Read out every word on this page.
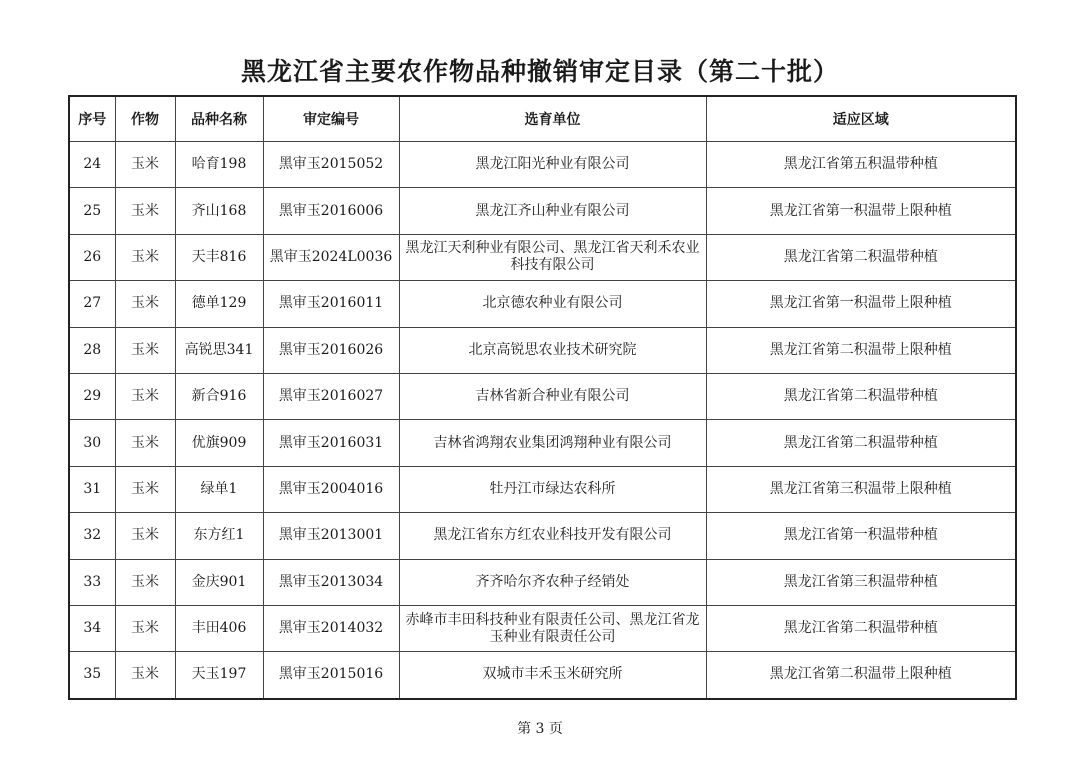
黑龙江省主要农作物品种撤销审定目录（第二十批）
序号	作物	品种名称	审定编号	选育单位	适应区域
24	玉米	哈育198	黑审玉2015052	黑龙江阳光种业有限公司	黑龙江省第五积温带种植
25	玉米	齐山168	黑审玉2016006	黑龙江齐山种业有限公司	黑龙江省第一积温带上限种植
26	玉米	天丰816	黑审玉2024L0036	黑龙江天利种业有限公司、黑龙江省天利禾农业科技有限公司	黑龙江省第二积温带种植
27	玉米	德单129	黑审玉2016011	北京德农种业有限公司	黑龙江省第一积温带上限种植
28	玉米	高锐思341	黑审玉2016026	北京高锐思农业技术研究院	黑龙江省第二积温带上限种植
29	玉米	新合916	黑审玉2016027	吉林省新合种业有限公司	黑龙江省第二积温带种植
30	玉米	优旗909	黑审玉2016031	吉林省鸿翔农业集团鸿翔种业有限公司	黑龙江省第二积温带种植
31	玉米	绿单1	黑审玉2004016	牡丹江市绿达农科所	黑龙江省第三积温带上限种植
32	玉米	东方红1	黑审玉2013001	黑龙江省东方红农业科技开发有限公司	黑龙江省第一积温带种植
33	玉米	金庆901	黑审玉2013034	齐齐哈尔齐农种子经销处	黑龙江省第三积温带种植
34	玉米	丰田406	黑审玉2014032	赤峰市丰田科技种业有限责任公司、黑龙江省龙玉种业有限责任公司	黑龙江省第二积温带种植
35	玉米	天玉197	黑审玉2015016	双城市丰禾玉米研究所	黑龙江省第二积温带上限种植
第 3 页
